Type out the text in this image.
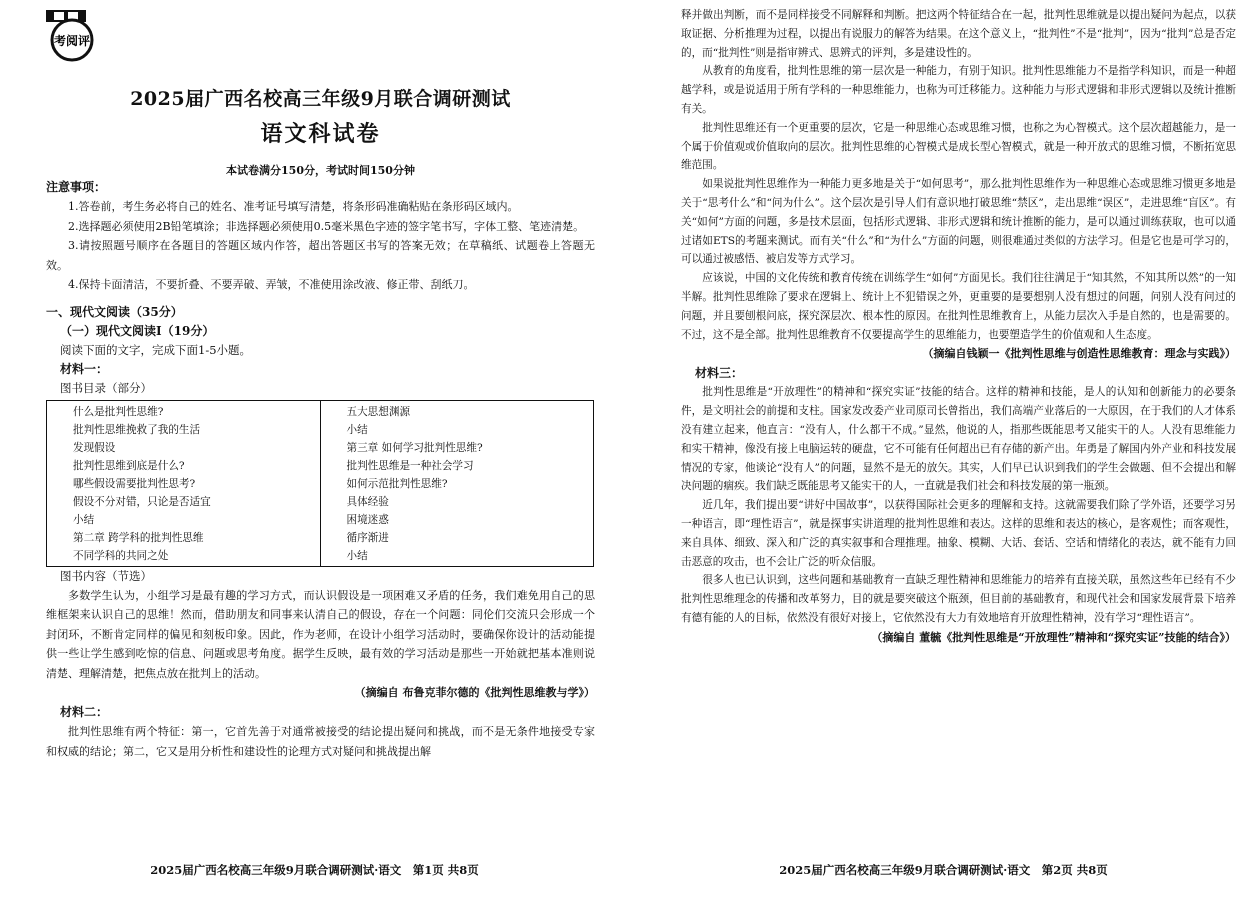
考阅评
2025届广西名校高三年级9月联合调研测试
语文科试卷
本试卷满分150分，考试时间150分钟
注意事项：

1.答卷前，考生务必将自己的姓名、准考证号填写清楚，将条形码准确粘贴在条形码区域内。

2.选择题必须使用2B铅笔填涂；非选择题必须使用0.5毫米黑色字迹的签字笔书写，字体工整、笔迹清楚。

3.请按照题号顺序在各题目的答题区域内作答，超出答题区书写的答案无效；在草稿纸、试题卷上答题无效。

4.保持卡面清洁，不要折叠、不要弄破、弄皱，不准使用涂改液、修正带、刮纸刀。

一、现代文阅读（35分）
（一）现代文阅读Ⅰ（19分）
阅读下面的文字，完成下面1-5小题。
材料一：
图书目录（部分）
什么是批判性思维?
批判性思维挽救了我的生活
发现假设
批判性思维到底是什么?
哪些假设需要批判性思考?
假设不分对错，只论是否适宜
小结
第二章 跨学科的批判性思维
不同学科的共同之处

五大思想渊源
小结
第三章 如何学习批判性思维?
批判性思维是一种社会学习
如何示范批判性思维?
具体经验
困境迷惑
循序渐进
小结
图书内容（节选）

多数学生认为，小组学习是最有趣的学习方式，而认识假设是一项困难又矛盾的任务，我们难免用自己的思维框架来认识自己的思维！然而，借助朋友和同事来认清自己的假设，存在一个问题：同伦们交流只会形成一个封闭环，不断肯定同样的偏见和刻板印象。因此，作为老师，在设计小组学习活动时，要确保你设计的活动能提供一些让学生感到吃惊的信息、问题或思考角度。据学生反映，最有效的学习活动是那些一开始就把基本准则说清楚、理解清楚，把焦点放在批判上的活动。

（摘编自 布鲁克菲尔德的《批判性思维教与学》）
材料二：

批判性思维有两个特征：第一，它首先善于对通常被接受的结论提出疑问和挑战，而不是无条件地接受专家和权威的结论；第二，它又是用分析性和建设性的论理方式对疑问和挑战提出解

2025届广西名校高三年级9月联合调研测试·语文　第1页 共8页

释并做出判断，而不是同样接受不同解释和判断。把这两个特征结合在一起，批判性思维就是以提出疑问为起点，以获取证据、分析推理为过程，以提出有说服力的解答为结果。在这个意义上，“批判性”不是“批判”，因为“批判”总是否定的，而“批判性”则是指审辨式、思辨式的评判，多是建设性的。

从教育的角度看，批判性思维的第一层次是一种能力，有别于知识。批判性思维能力不是指学科知识，而是一种超越学科，或是说适用于所有学科的一种思维能力，也称为可迁移能力。这种能力与形式逻辑和非形式逻辑以及统计推断有关。

批判性思维还有一个更重要的层次，它是一种思维心态或思维习惯，也称之为心智模式。这个层次超越能力，是一个属于价值观或价值取向的层次。批判性思维的心智模式是成长型心智模式，就是一种开放式的思维习惯，不断拓宽思维范围。

如果说批判性思维作为一种能力更多地是关于“如何思考”，那么批判性思维作为一种思维心态或思维习惯更多地是关于“思考什么”和“问为什么”。这个层次是引导人们有意识地打破思维“禁区”，走出思维“误区”，走进思维“盲区”。有关“如何”方面的问题，多是技术层面，包括形式逻辑、非形式逻辑和统计推断的能力，是可以通过训练获取，也可以通过诸如ETS的考题来测试。而有关“什么”和“为什么”方面的问题，则很难通过类似的方法学习。但是它也是可学习的，可以通过被感悟、被启发等方式学习。

应该说，中国的文化传统和教育传统在训练学生“如何”方面见长。我们往往满足于“知其然，不知其所以然”的一知半解。批判性思维除了要求在逻辑上、统计上不犯错误之外，更重要的是要想别人没有想过的问题，问别人没有问过的问题，并且要刨根问底，探究深层次、根本性的原因。在批判性思维教育上，从能力层次入手是自然的，也是需要的。不过，这不是全部。批判性思维教育不仅要提高学生的思维能力，也要塑造学生的价值观和人生态度。

（摘编自钱颖一《批判性思维与创造性思维教育：理念与实践》）
材料三：

批判性思维是“开放理性”的精神和“探究实证”技能的结合。这样的精神和技能，是人的认知和创新能力的必要条件，是文明社会的前提和支柱。国家发改委产业司原司长曾指出，我们高端产业落后的一大原因，在于我们的人才体系没有建立起来，他直言：“没有人，什么都干不成。”显然，他说的人，指那些既能思考又能实干的人。人没有思维能力和实干精神，像没有接上电脑运转的硬盘，它不可能有任何超出已有存储的新产出。年勇是了解国内外产业和科技发展情况的专家，他谈论“没有人”的问题，显然不是无的放矢。其实，人们早已认识到我们的学生会做题、但不会提出和解决问题的痼疾。我们缺乏既能思考又能实干的人，一直就是我们社会和科技发展的第一瓶颈。

近几年，我们提出要“讲好中国故事”，以获得国际社会更多的理解和支持。这就需要我们除了学外语，还要学习另一种语言，即“理性语言”，就是探事实讲道理的批判性思维和表达。这样的思维和表达的核心，是客观性；而客观性，来自具体、细致、深入和广泛的真实叙事和合理推理。抽象、模糊、大话、套话、空话和情绪化的表达，就不能有力回击恶意的攻击，也不会让广泛的听众信服。

很多人也已认识到，这些问题和基础教育一直缺乏理性精神和思维能力的培养有直接关联，虽然这些年已经有不少批判性思维理念的传播和改革努力，目的就是要突破这个瓶颈，但目前的基础教育，和现代社会和国家发展背景下培养有德有能的人的目标，依然没有很好对接上，它依然没有大力有效地培育开放理性精神，没有学习“理性语言”。

（摘编自 董毓《批判性思维是“开放理性”精神和“探究实证”技能的结合》）
2025届广西名校高三年级9月联合调研测试·语文　第2页 共8页
